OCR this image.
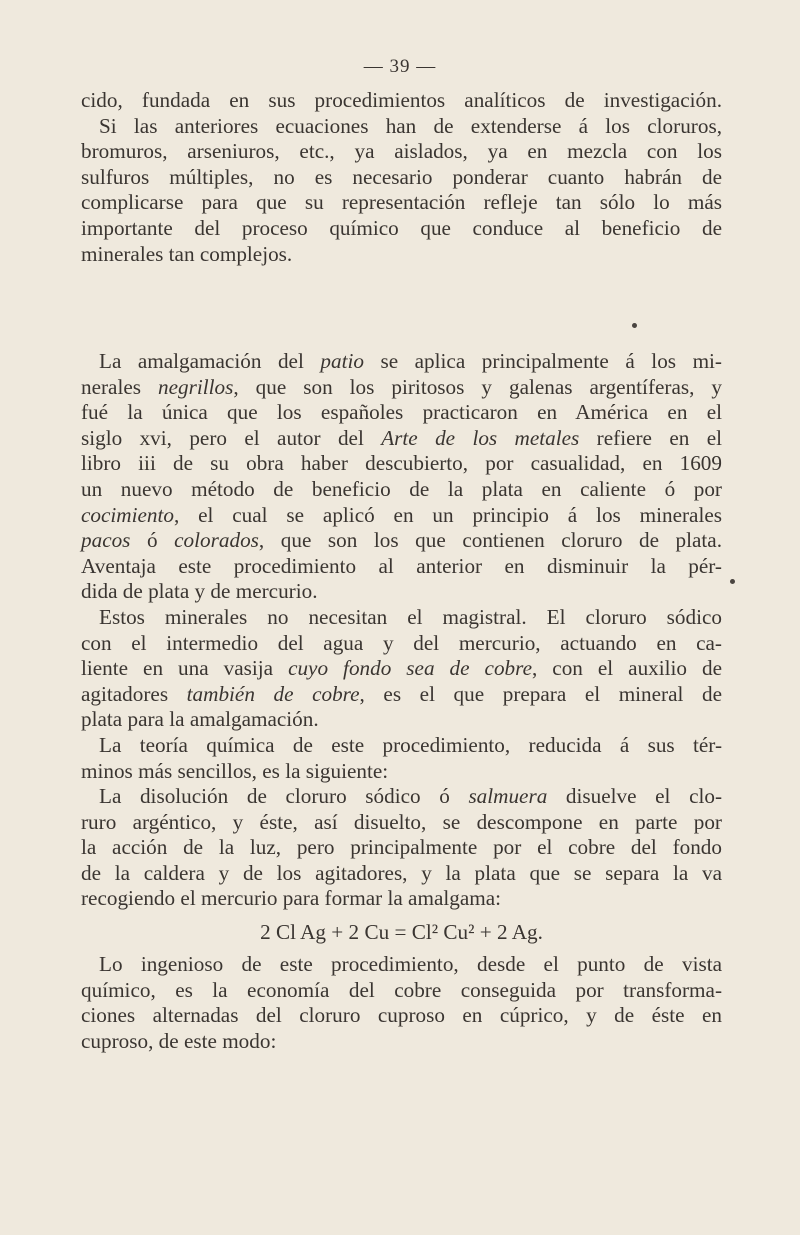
— 39 —
cido, fundada en sus procedimientos analíticos de investigación.
Si las anteriores ecuaciones han de extenderse á los cloruros,
bromuros, arseniuros, etc., ya aislados, ya en mezcla con los
sulfuros múltiples, no es necesario ponderar cuanto habrán de
complicarse para que su representación refleje tan sólo lo más
importante del proceso químico que conduce al beneficio de
minerales tan complejos.
La amalgamación del patio se aplica principalmente á los mi-
nerales negrillos, que son los piritosos y galenas argentíferas, y
fué la única que los españoles practicaron en América en el
siglo xvi, pero el autor del Arte de los metales refiere en el
libro iii de su obra haber descubierto, por casualidad, en 1609
un nuevo método de beneficio de la plata en caliente ó por
cocimiento, el cual se aplicó en un principio á los minerales
pacos ó colorados, que son los que contienen cloruro de plata.
Aventaja este procedimiento al anterior en disminuir la pér-
dida de plata y de mercurio.
Estos minerales no necesitan el magistral. El cloruro sódico
con el intermedio del agua y del mercurio, actuando en ca-
liente en una vasija cuyo fondo sea de cobre, con el auxilio de
agitadores también de cobre, es el que prepara el mineral de
plata para la amalgamación.
La teoría química de este procedimiento, reducida á sus tér-
minos más sencillos, es la siguiente:
La disolución de cloruro sódico ó salmuera disuelve el clo-
ruro argéntico, y éste, así disuelto, se descompone en parte por
la acción de la luz, pero principalmente por el cobre del fondo
de la caldera y de los agitadores, y la plata que se separa la va
recogiendo el mercurio para formar la amalgama:
2 Cl Ag + 2 Cu = Cl² Cu² + 2 Ag.
Lo ingenioso de este procedimiento, desde el punto de vista
químico, es la economía del cobre conseguida por transforma-
ciones alternadas del cloruro cuproso en cúprico, y de éste en
cuproso, de este modo:
